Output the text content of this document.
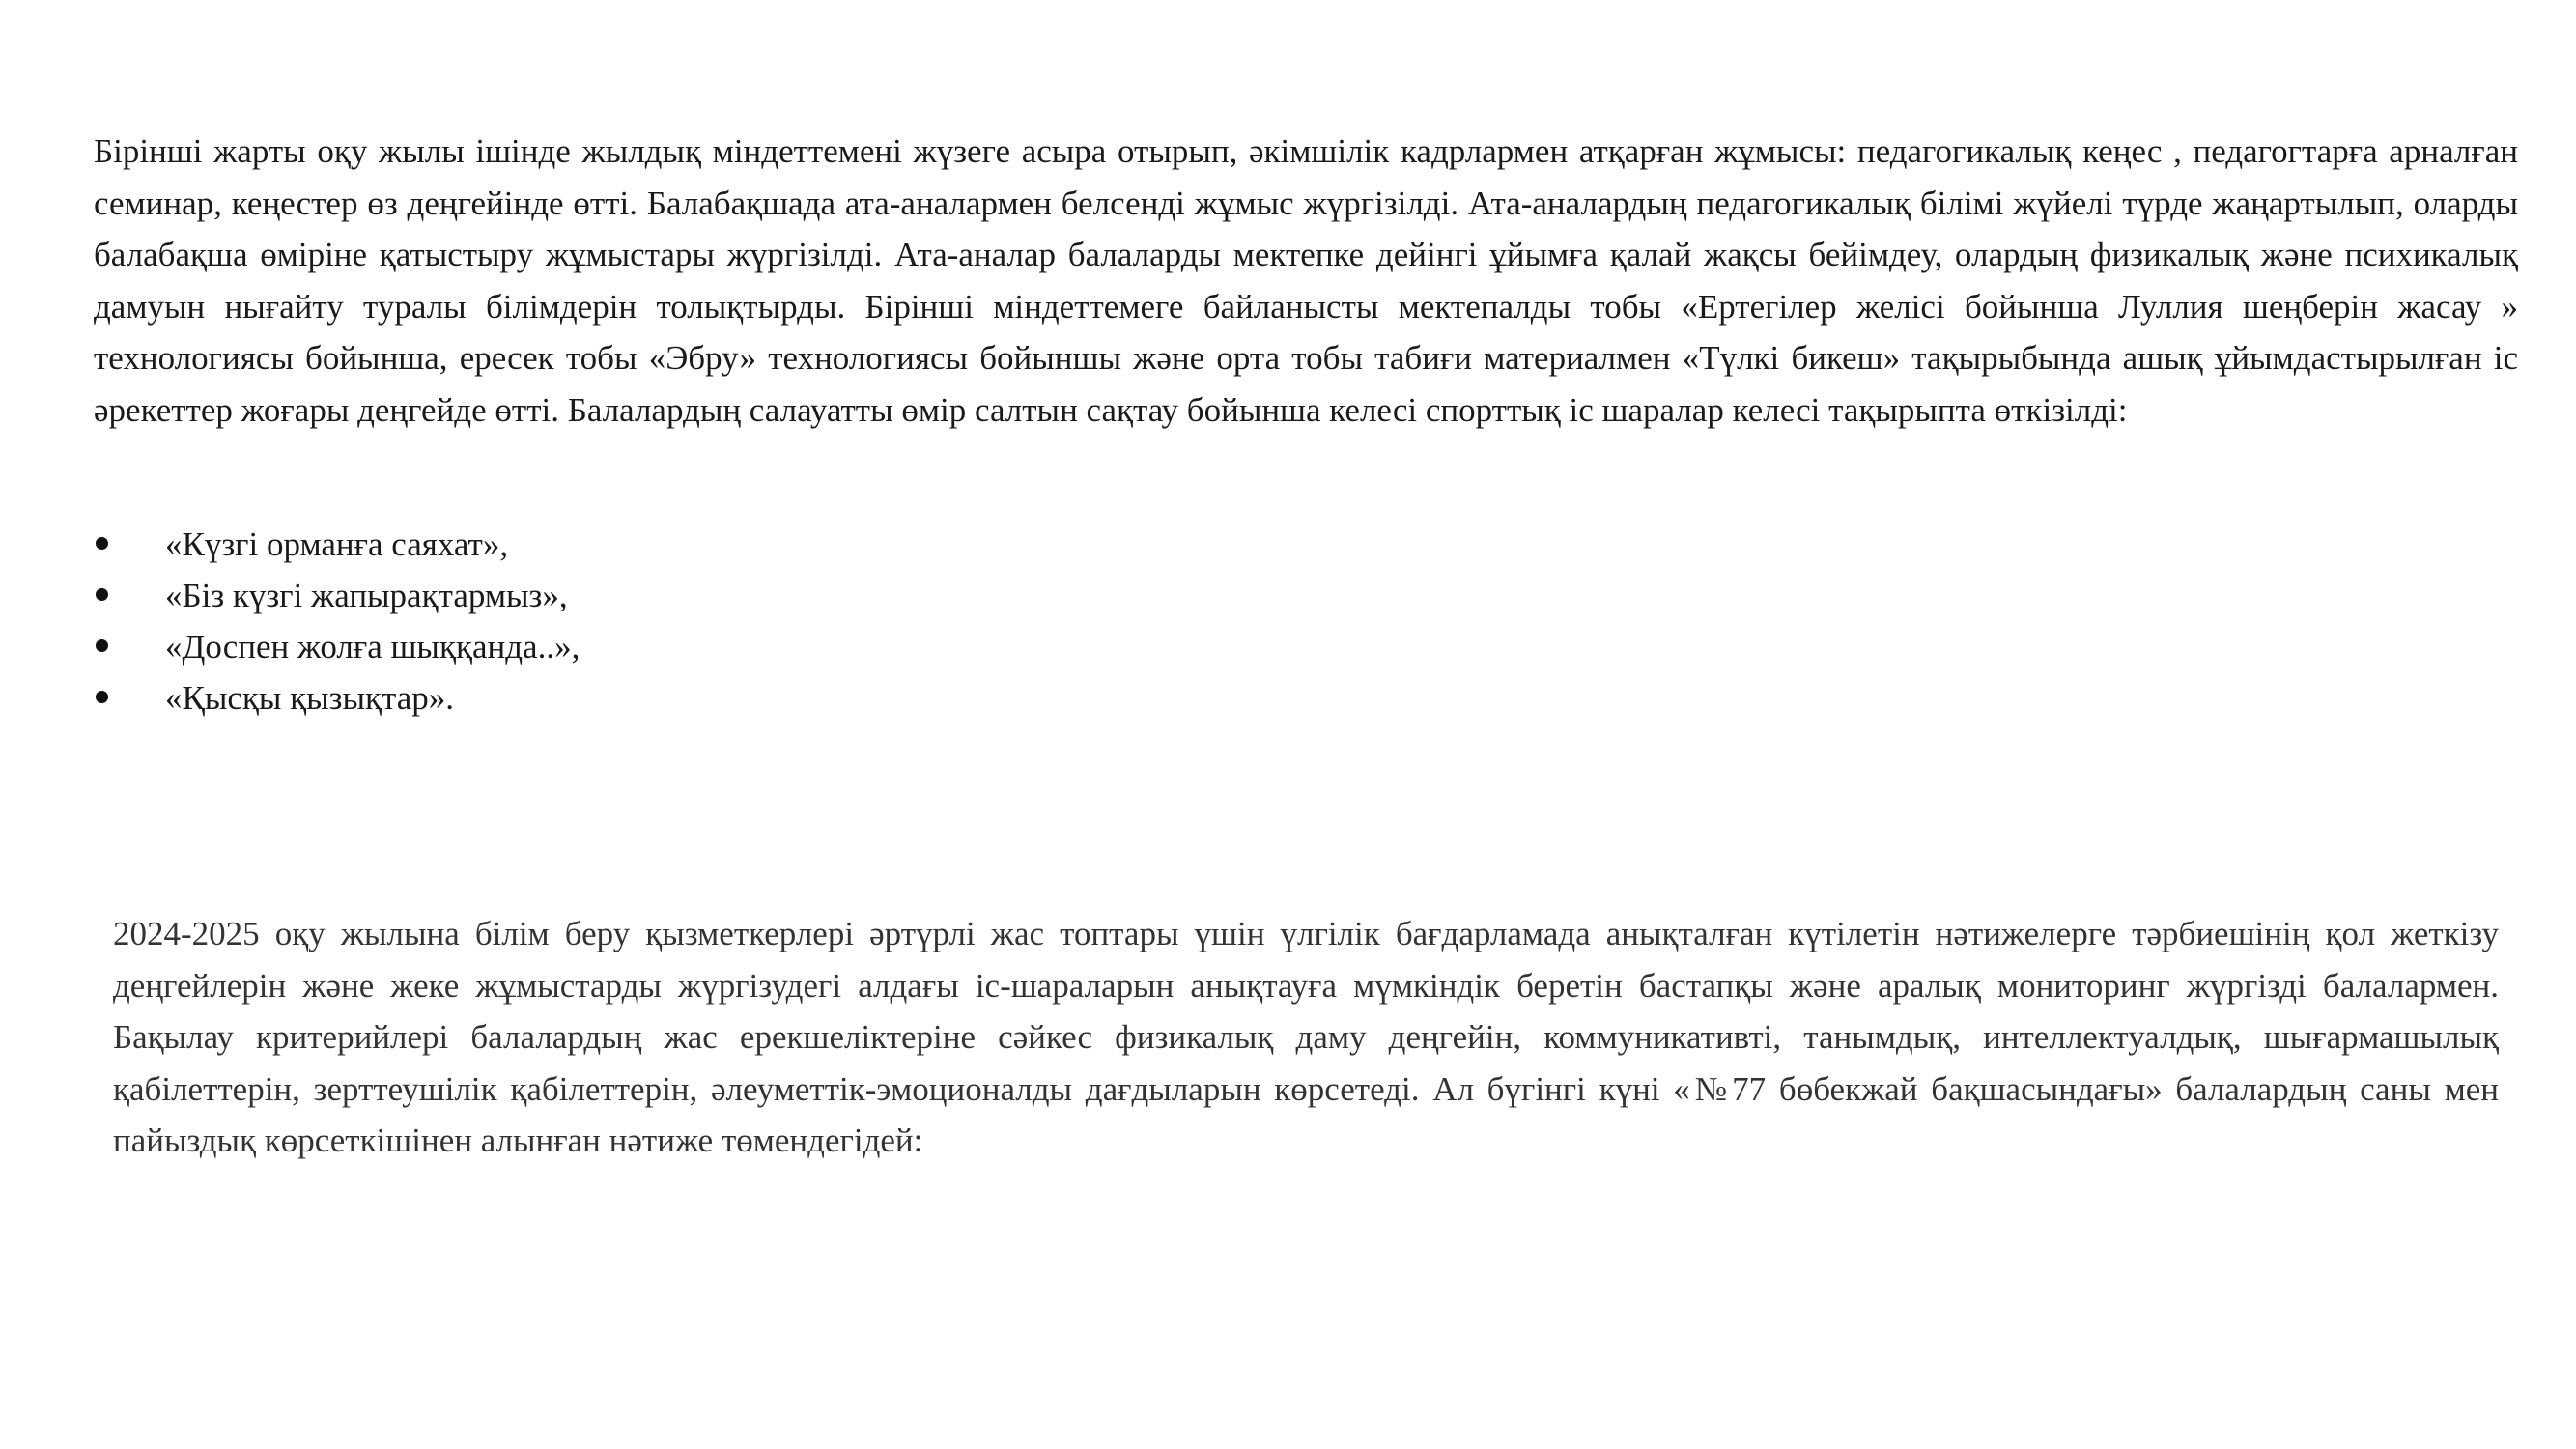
Бірінші жарты оқу жылы ішінде жылдық міндеттемені жүзеге асыра отырып, әкімшілік кадрлармен атқарған жұмысы: педагогикалық кеңес , педагогтарға арналған семинар, кеңестер өз деңгейінде өтті. Балабақшада ата-аналармен белсенді жұмыс жүргізілді. Ата-аналардың педагогикалық білімі жүйелі түрде жаңартылып, оларды балабақша өміріне қатыстыру жұмыстары жүргізілді. Ата-аналар балаларды мектепке дейінгі ұйымға қалай жақсы бейімдеу, олардың физикалық және психикалық дамуын нығайту туралы білімдерін толықтырды. Бірінші міндеттемеге байланысты мектепалды тобы «Ертегілер желісі бойынша Луллия шеңберін жасау » технологиясы бойынша, ересек тобы «Эбру» технологиясы бойыншы және орта тобы табиғи материалмен «Түлкі бикеш» тақырыбында ашық ұйымдастырылған іс әрекеттер жоғары деңгейде өтті. Балалардың салауатты өмір салтын сақтау бойынша келесі спорттық іс шаралар келесі тақырыпта өткізілді:

«Күзгі орманға саяхат»,
«Біз күзгі жапырақтармыз»,
«Доспен жолға шыққанда..»,
«Қысқы қызықтар».

2024-2025 оқу жылына білім беру қызметкерлері әртүрлі жас топтары үшін үлгілік бағдарламада анықталған күтілетін нәтижелерге тәрбиешінің қол жеткізу деңгейлерін және жеке жұмыстарды жүргізудегі алдағы іс-шараларын анықтауға мүмкіндік беретін бастапқы және аралық мониторинг жүргізді балалармен. Бақылау критерийлері балалардың жас ерекшеліктеріне сәйкес физикалық даму деңгейін, коммуникативті, танымдық, интеллектуалдық, шығармашылық қабілеттерін, зерттеушілік қабілеттерін, әлеуметтік-эмоционалды дағдыларын көрсетеді. Ал бүгінгі күні «№77 бөбекжай бақшасындағы» балалардың саны мен пайыздық көрсеткішінен алынған нәтиже төмендегідей:
